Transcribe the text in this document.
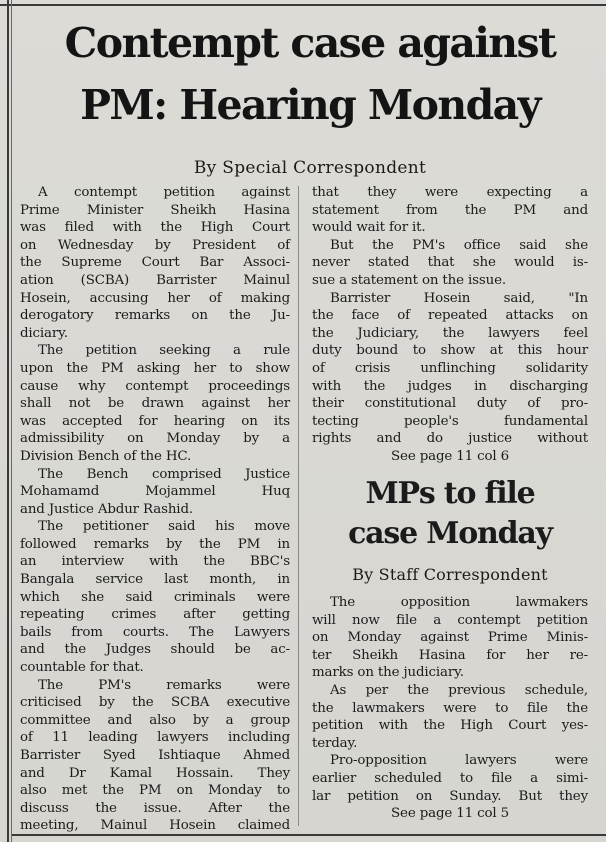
Contempt case against
PM: Hearing Monday
By Special Correspondent
A contempt petition against
Prime Minister Sheikh Hasina
was filed with the High Court
on Wednesday by President of
the Supreme Court Bar Associ-
ation (SCBA) Barrister Mainul
Hosein, accusing her of making
derogatory remarks on the Ju-
diciary.
The petition seeking a rule
upon the PM asking her to show
cause why contempt proceedings
shall not be drawn against her
was accepted for hearing on its
admissibility on Monday by a
Division Bench of the HC.
The Bench comprised Justice
Mohamamd Mojammel Huq
and Justice Abdur Rashid.
The petitioner said his move
followed remarks by the PM in
an interview with the BBC's
Bangala service last month, in
which she said criminals were
repeating crimes after getting
bails from courts. The Lawyers
and the Judges should be ac-
countable for that.
The PM's remarks were
criticised by the SCBA executive
committee and also by a group
of 11 leading lawyers including
Barrister Syed Ishtiaque Ahmed
and Dr Kamal Hossain. They
also met the PM on Monday to
discuss the issue. After the
meeting, Mainul Hosein claimed
that they were expecting a
statement from the PM and
would wait for it.
But the PM's office said she
never stated that she would is-
sue a statement on the issue.
Barrister Hosein said, "In
the face of repeated attacks on
the Judiciary, the lawyers feel
duty bound to show at this hour
of crisis unflinching solidarity
with the judges in discharging
their constitutional duty of pro-
tecting people's fundamental
rights and do justice without
See page 11 col 6
MPs to file
case Monday
By Staff Correspondent
The opposition lawmakers
will now file a contempt petition
on Monday against Prime Minis-
ter Sheikh Hasina for her re-
marks on the judiciary.
As per the previous schedule,
the lawmakers were to file the
petition with the High Court yes-
terday.
Pro-opposition lawyers were
earlier scheduled to file a simi-
lar petition on Sunday. But they
See page 11 col 5
